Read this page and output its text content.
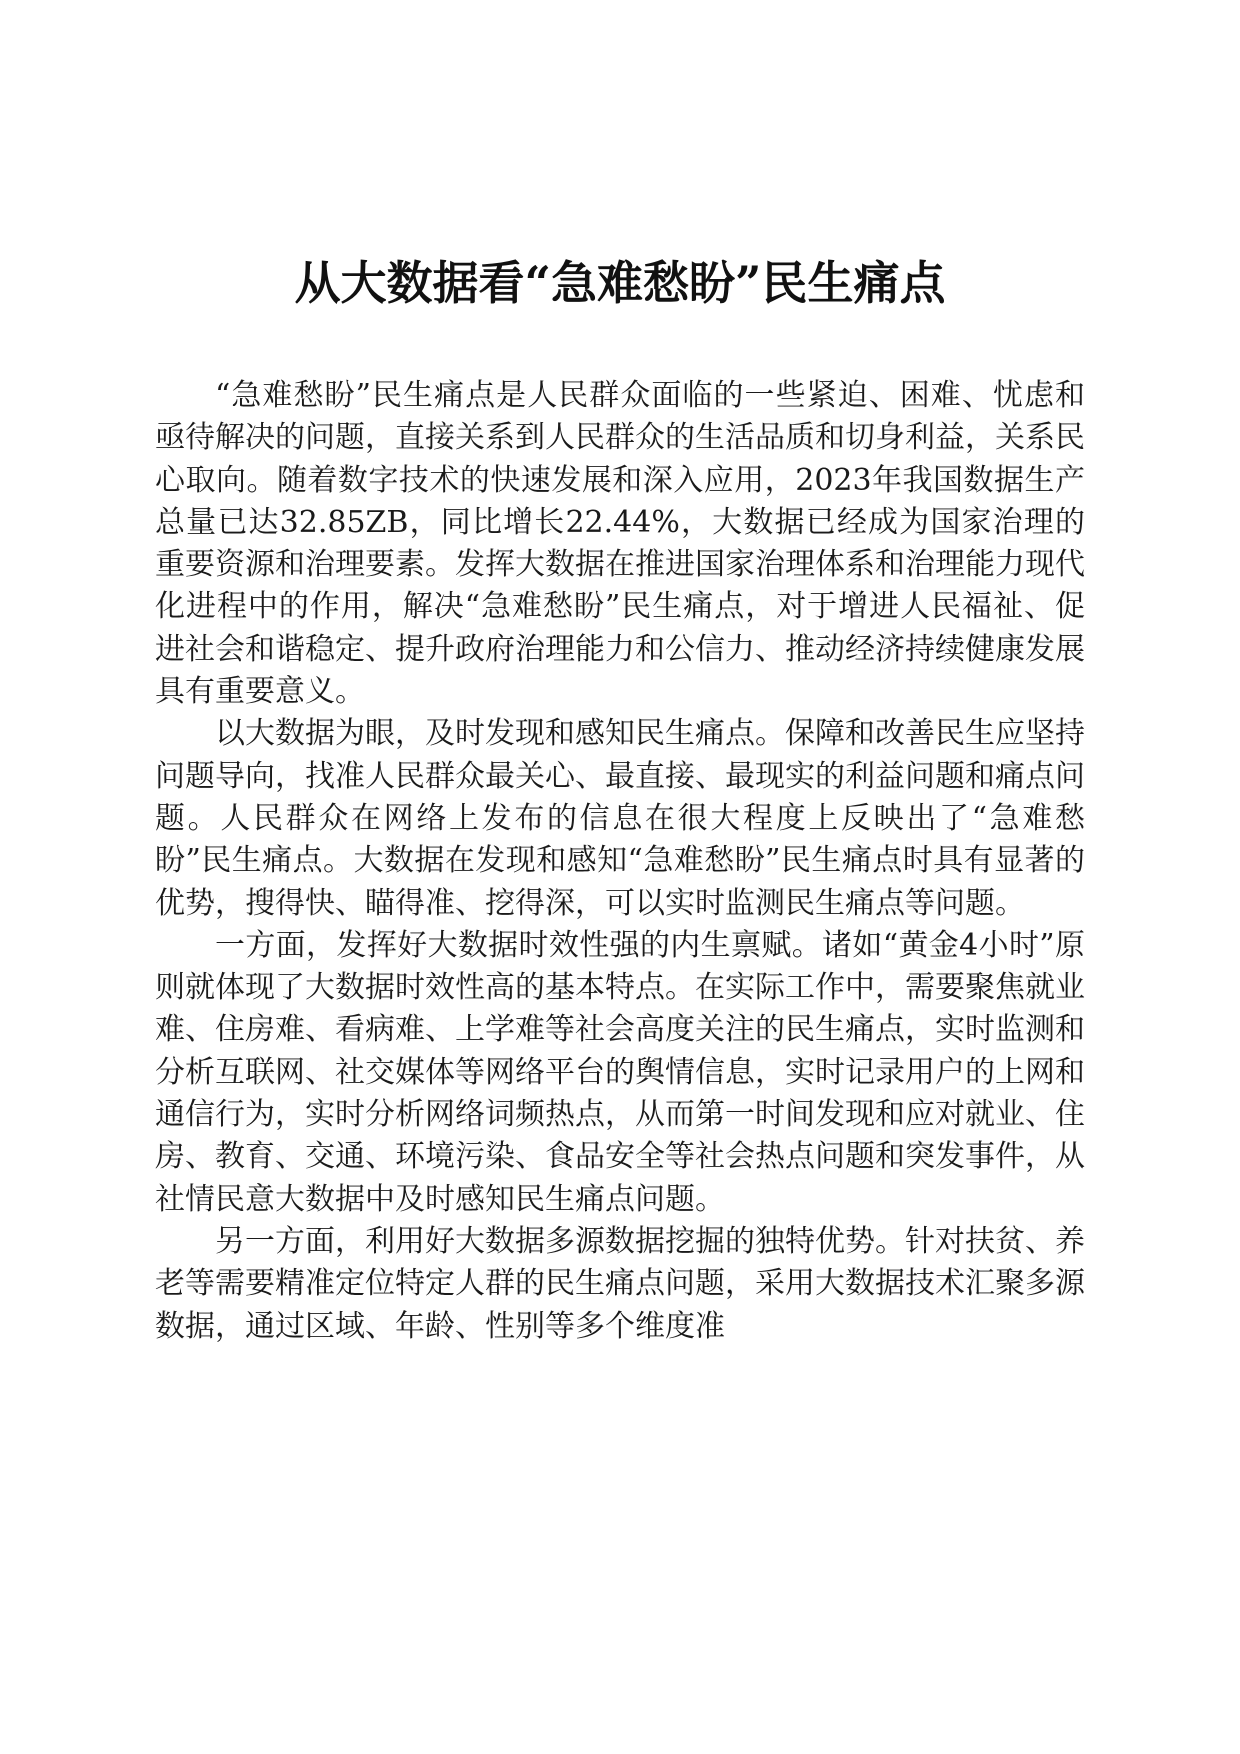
从大数据看“急难愁盼”民生痛点

“急难愁盼”民生痛点是人民群众面临的一些紧迫、困难、忧虑和亟待解决的问题，直接关系到人民群众的生活品质和切身利益，关系民心取向。随着数字技术的快速发展和深入应用，2023年我国数据生产总量已达32.85ZB，同比增长22.44%，大数据已经成为国家治理的重要资源和治理要素。发挥大数据在推进国家治理体系和治理能力现代化进程中的作用，解决“急难愁盼”民生痛点，对于增进人民福祉、促进社会和谐稳定、提升政府治理能力和公信力、推动经济持续健康发展具有重要意义。

以大数据为眼，及时发现和感知民生痛点。保障和改善民生应坚持问题导向，找准人民群众最关心、最直接、最现实的利益问题和痛点问题。人民群众在网络上发布的信息在很大程度上反映出了“急难愁盼”民生痛点。大数据在发现和感知“急难愁盼”民生痛点时具有显著的优势，搜得快、瞄得准、挖得深，可以实时监测民生痛点等问题。

一方面，发挥好大数据时效性强的内生禀赋。诸如“黄金4小时”原则就体现了大数据时效性高的基本特点。在实际工作中，需要聚焦就业难、住房难、看病难、上学难等社会高度关注的民生痛点，实时监测和分析互联网、社交媒体等网络平台的舆情信息，实时记录用户的上网和通信行为，实时分析网络词频热点，从而第一时间发现和应对就业、住房、教育、交通、环境污染、食品安全等社会热点问题和突发事件，从社情民意大数据中及时感知民生痛点问题。

另一方面，利用好大数据多源数据挖掘的独特优势。针对扶贫、养老等需要精准定位特定人群的民生痛点问题，采用大数据技术汇聚多源数据，通过区域、年龄、性别等多个维度准
